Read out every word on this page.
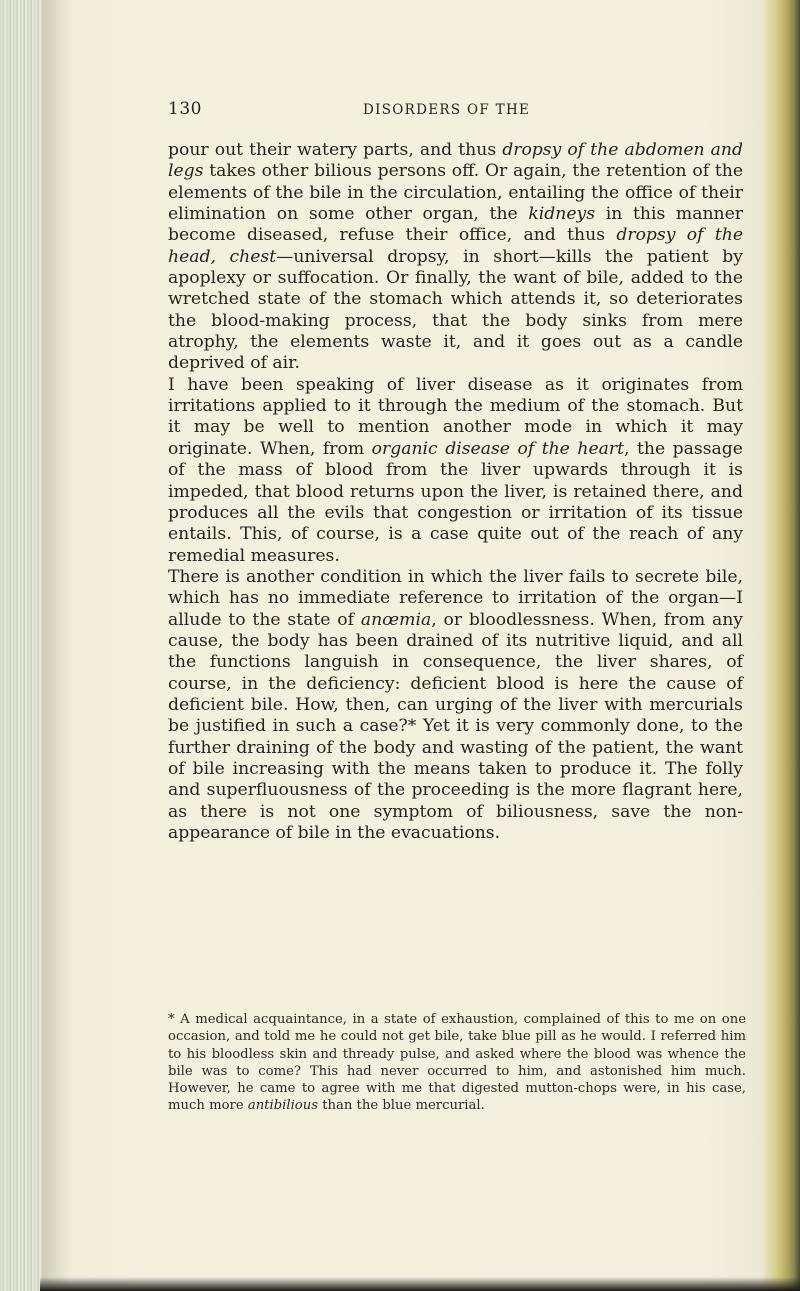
130	DISORDERS OF THE

pour out their watery parts, and thus dropsy of the abdomen and legs takes other bilious persons off. Or again, the retention of the elements of the bile in the circulation, entailing the office of their elimination on some other organ, the kidneys in this manner become diseased, refuse their office, and thus dropsy of the head, chest—universal dropsy, in short—kills the patient by apoplexy or suffocation. Or finally, the want of bile, added to the wretched state of the stomach which attends it, so deteriorates the blood-making process, that the body sinks from mere atrophy, the elements waste it, and it goes out as a candle deprived of air.

I have been speaking of liver disease as it originates from irritations applied to it through the medium of the stomach. But it may be well to mention another mode in which it may originate. When, from organic disease of the heart, the passage of the mass of blood from the liver upwards through it is impeded, that blood returns upon the liver, is retained there, and produces all the evils that congestion or irritation of its tissue entails. This, of course, is a case quite out of the reach of any remedial measures.

There is another condition in which the liver fails to secrete bile, which has no immediate reference to irritation of the organ—I allude to the state of anœmia, or bloodlessness. When, from any cause, the body has been drained of its nutritive liquid, and all the functions languish in consequence, the liver shares, of course, in the deficiency: deficient blood is here the cause of deficient bile. How, then, can urging of the liver with mercurials be justified in such a case?* Yet it is very commonly done, to the further draining of the body and wasting of the patient, the want of bile increasing with the means taken to produce it. The folly and superfluousness of the proceeding is the more flagrant here, as there is not one symptom of biliousness, save the non-appearance of bile in the evacuations.

* A medical acquaintance, in a state of exhaustion, complained of this to me on one occasion, and told me he could not get bile, take blue pill as he would. I referred him to his bloodless skin and thready pulse, and asked where the blood was whence the bile was to come? This had never occurred to him, and astonished him much. However, he came to agree with me that digested mutton-chops were, in his case, much more antibilious than the blue mercurial.
